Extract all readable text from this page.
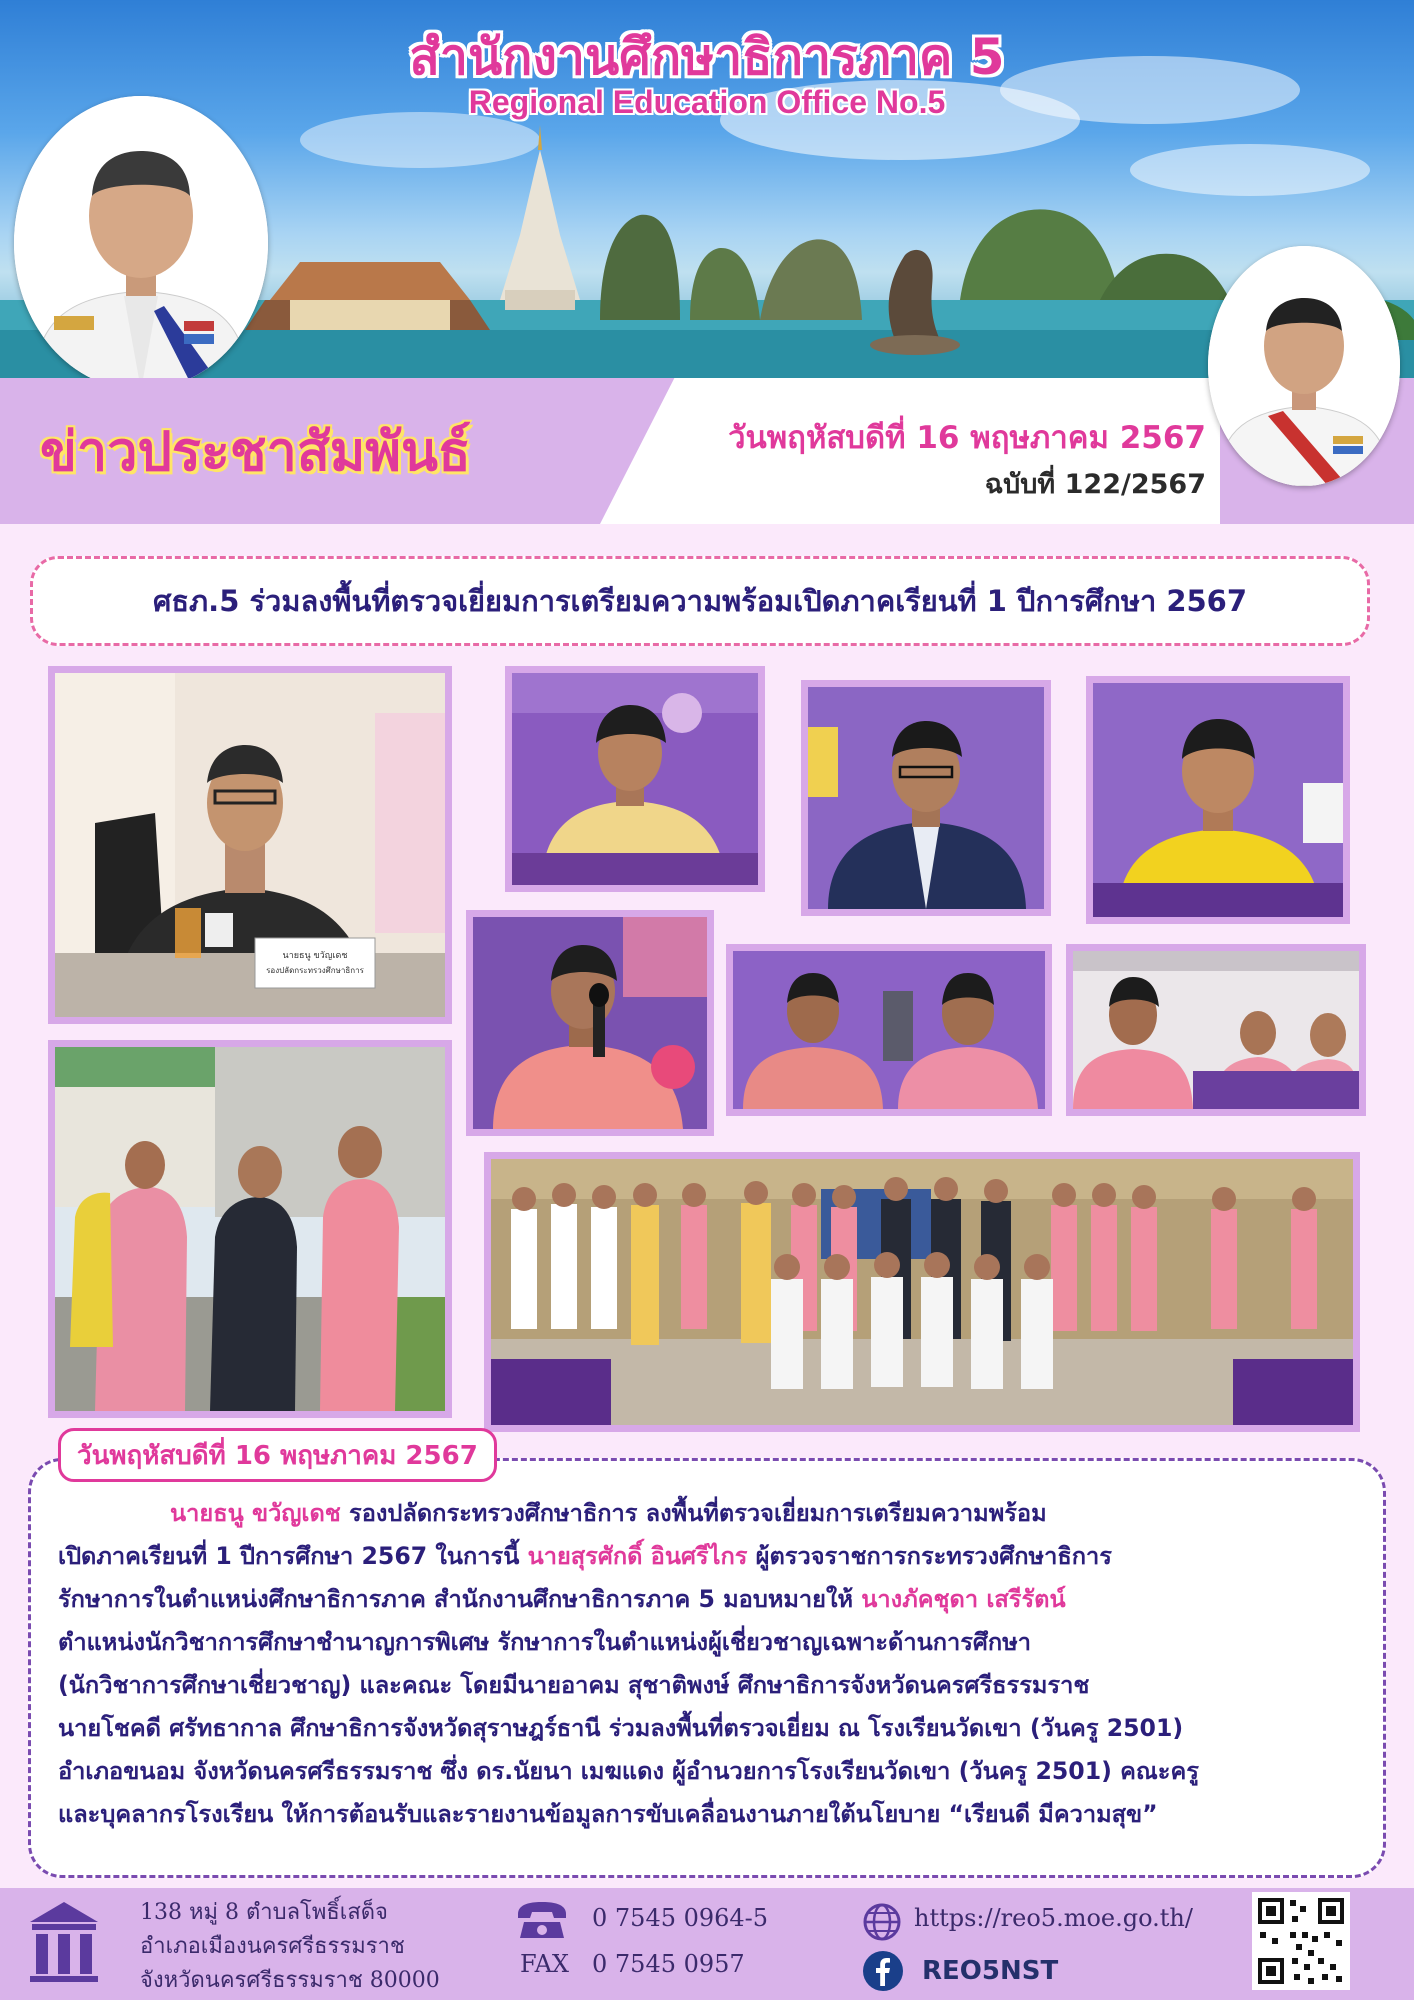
สำนักงานศึกษาธิการภาค 5
Regional Education Office No.5
ข่าวประชาสัมพันธ์	วันพฤหัสบดีที่ 16 พฤษภาคม 2567
ฉบับที่ 122/2567
ศธภ.5 ร่วมลงพื้นที่ตรวจเยี่ยมการเตรียมความพร้อมเปิดภาคเรียนที่ 1 ปีการศึกษา 2567
นายธนู ขวัญเดช
รองปลัดกระทรวงศึกษาธิการ
วันพฤหัสบดีที่ 16 พฤษภาคม 2567
นายธนู ขวัญเดช รองปลัดกระทรวงศึกษาธิการ ลงพื้นที่ตรวจเยี่ยมการเตรียมความพร้อม
เปิดภาคเรียนที่ 1 ปีการศึกษา 2567 ในการนี้ นายสุรศักดิ์ อินศรีไกร ผู้ตรวจราชการกระทรวงศึกษาธิการ
รักษาการในตำแหน่งศึกษาธิการภาค สำนักงานศึกษาธิการภาค 5 มอบหมายให้ นางภัคชุดา เสรีรัตน์
ตำแหน่งนักวิชาการศึกษาชำนาญการพิเศษ รักษาการในตำแหน่งผู้เชี่ยวชาญเฉพาะด้านการศึกษา
(นักวิชาการศึกษาเชี่ยวชาญ) และคณะ โดยมีนายอาคม สุชาติพงษ์ ศึกษาธิการจังหวัดนครศรีธรรมราช
นายโชคดี ศรัทธากาล ศึกษาธิการจังหวัดสุราษฎร์ธานี ร่วมลงพื้นที่ตรวจเยี่ยม ณ โรงเรียนวัดเขา (วันครู 2501)
อำเภอขนอม จังหวัดนครศรีธรรมราช ซึ่ง ดร.นัยนา เมฆแดง ผู้อำนวยการโรงเรียนวัดเขา (วันครู 2501) คณะครู
และบุคลากรโรงเรียน ให้การต้อนรับและรายงานข้อมูลการขับเคลื่อนงานภายใต้นโยบาย “เรียนดี มีความสุข”
138 หมู่ 8 ตำบลโพธิ์เสด็จ
อำเภอเมืองนครศรีธรรมราช
จังหวัดนครศรีธรรมราช 80000
0 7545 0964-5
FAX 0 7545 0957
https://reo5.moe.go.th/
REO5NST
